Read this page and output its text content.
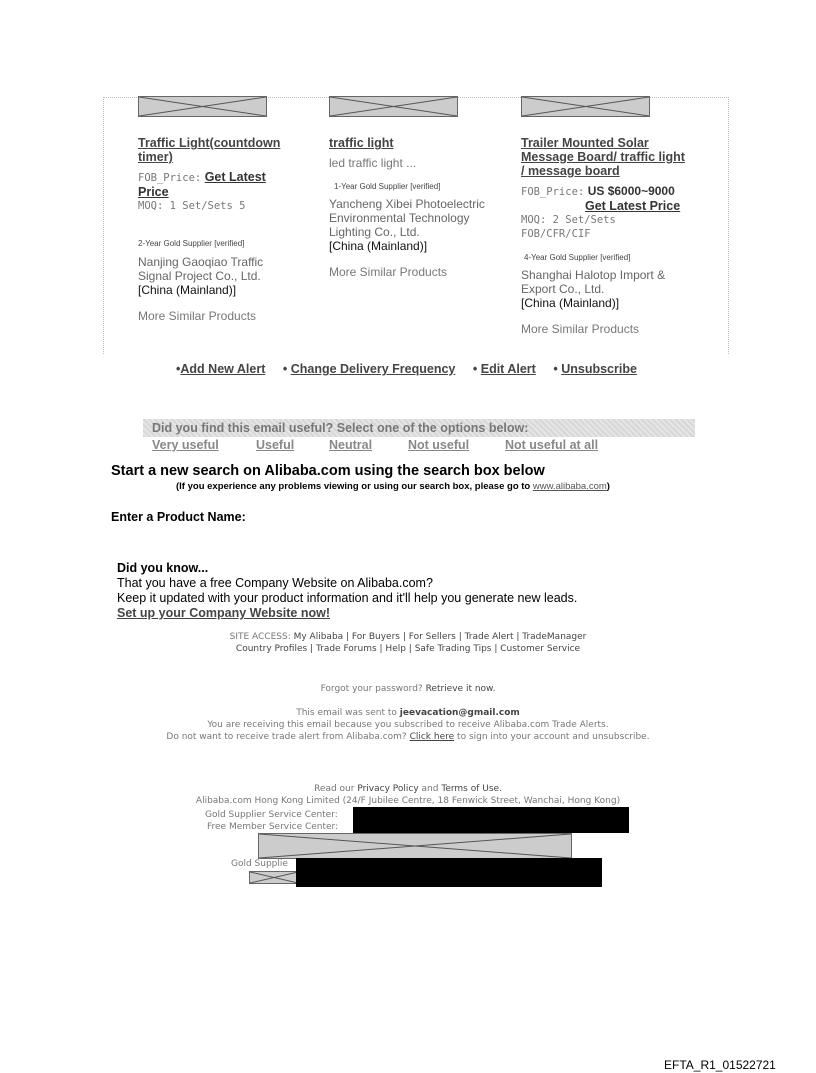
Traffic Light(countdown timer)
FOB_Price: Get Latest Price
MOQ: 1 Set/Sets 5
2-Year Gold Supplier [verified]
Nanjing Gaoqiao Traffic Signal Project Co., Ltd.
[China (Mainland)]
More Similar Products
traffic light
led traffic light ...
1-Year Gold Supplier [verified]
Yancheng Xibei Photoelectric Environmental Technology Lighting Co., Ltd.
[China (Mainland)]
More Similar Products
Trailer Mounted Solar Message Board/ traffic light / message board
FOB_Price: US $6000~9000
Get Latest Price
MOQ: 2 Set/Sets
FOB/CFR/CIF
4-Year Gold Supplier [verified]
Shanghai Halotop Import & Export Co., Ltd.
[China (Mainland)]
More Similar Products
•Add New Alert • Change Delivery Frequency • Edit Alert • Unsubscribe
Did you find this email useful? Select one of the options below:
Very useful	Useful	Neutral	Not useful	Not useful at all
Start a new search on Alibaba.com using the search box below
(If you experience any problems viewing or using our search box, please go to www.alibaba.com)
Enter a Product Name:
Did you know...
That you have a free Company Website on Alibaba.com?
Keep it updated with your product information and it'll help you generate new leads.
Set up your Company Website now!
SITE ACCESS: My Alibaba | For Buyers | For Sellers | Trade Alert | TradeManager
Country Profiles | Trade Forums | Help | Safe Trading Tips | Customer Service
Forgot your password? Retrieve it now.
This email was sent to jeevacation@gmail.com
You are receiving this email because you subscribed to receive Alibaba.com Trade Alerts.
Do not want to receive trade alert from Alibaba.com? Click here to sign into your account and unsubscribe.
Read our Privacy Policy and Terms of Use.
Alibaba.com Hong Kong Limited (24/F Jubilee Centre, 18 Fenwick Street, Wanchai, Hong Kong)
Gold Supplier Service Center:
Free Member Service Center:
Gold Supplie
EFTA_R1_01522721
